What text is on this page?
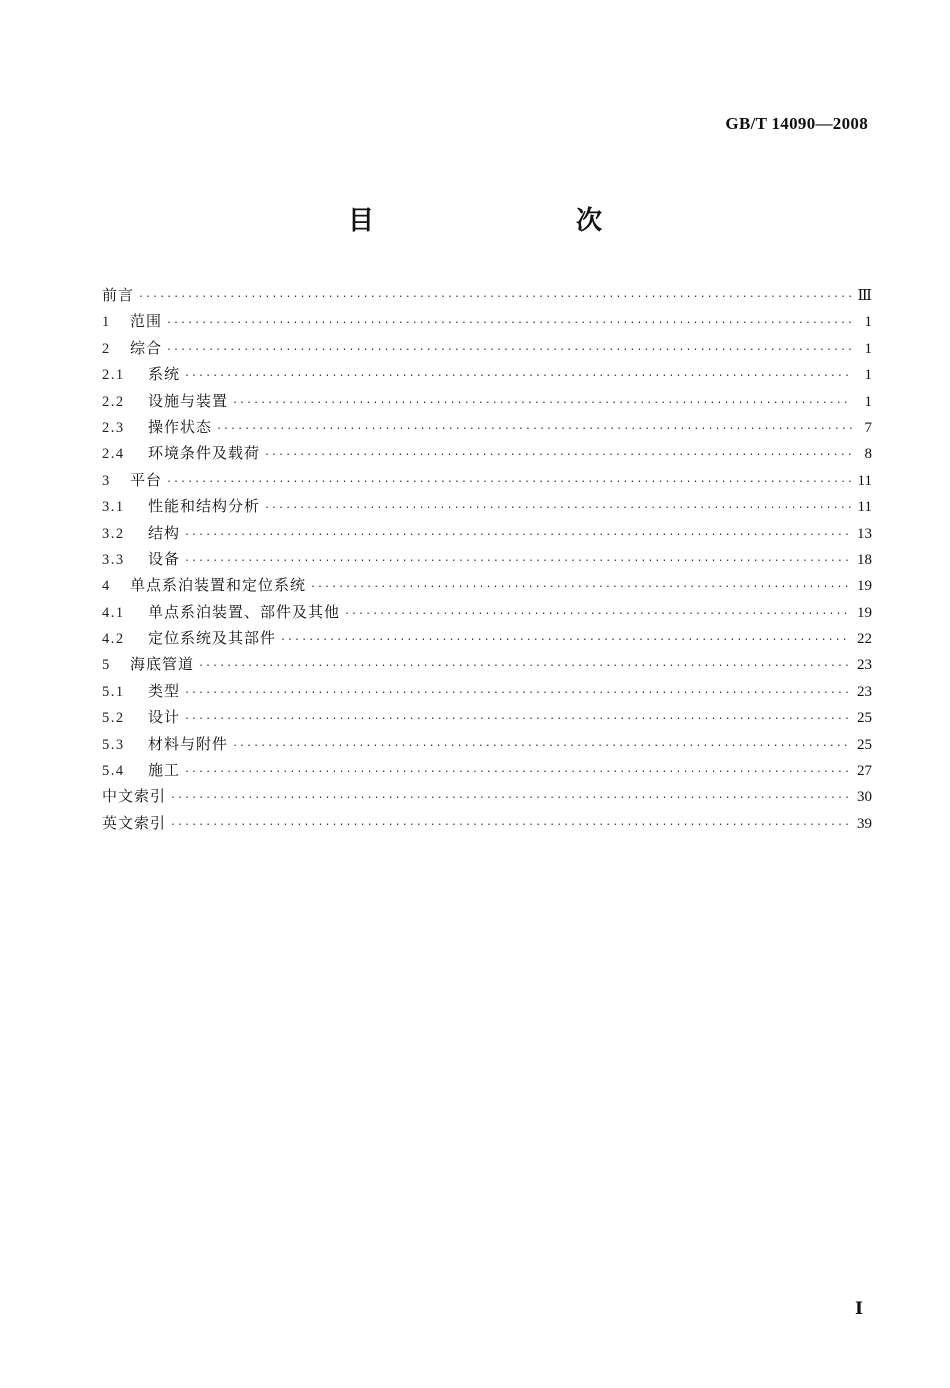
GB/T 14090—2008
目　　次
前言 .....	Ⅲ
1	范围 .....	1
2	综合 .....	1
2.1	系统 .....	1
2.2	设施与装置 .....	1
2.3	操作状态 .....	7
2.4	环境条件及载荷 .....	8
3	平台 .....	11
3.1	性能和结构分析 .....	11
3.2	结构 .....	13
3.3	设备 .....	18
4	单点系泊装置和定位系统 .....	19
4.1	单点系泊装置、部件及其他 .....	19
4.2	定位系统及其部件 .....	22
5	海底管道 .....	23
5.1	类型 .....	23
5.2	设计 .....	25
5.3	材料与附件 .....	25
5.4	施工 .....	27
中文索引 .....	30
英文索引 .....	39
Ⅰ
